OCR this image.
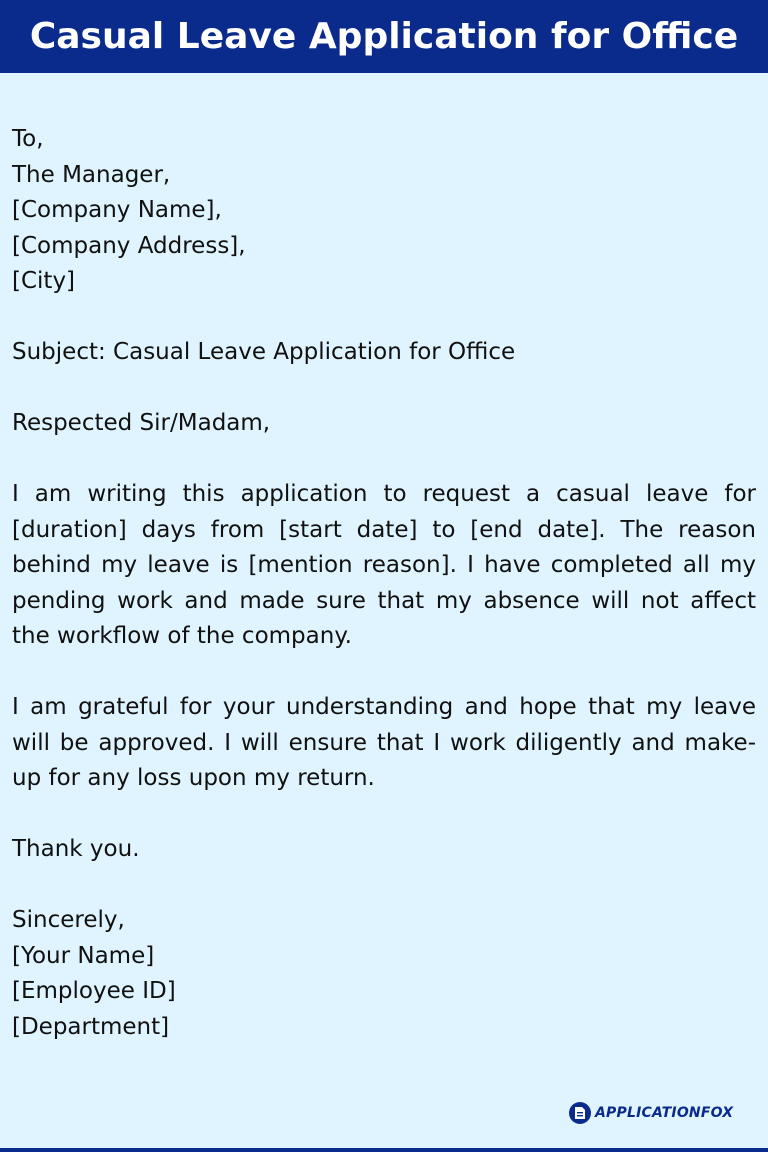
Casual Leave Application for Office
To,
The Manager,
[Company Name],
[Company Address],
[City]
Subject: Casual Leave Application for Office
Respected Sir/Madam,
I am writing this application to request a casual leave for [duration] days from [start date] to [end date]. The reason behind my leave is [mention reason]. I have completed all my pending work and made sure that my absence will not affect the workflow of the company.
I am grateful for your understanding and hope that my leave will be approved. I will ensure that I work diligently and make-up for any loss upon my return.
Thank you.
Sincerely,
[Your Name]
[Employee ID]
[Department]
APPLICATIONFOX
